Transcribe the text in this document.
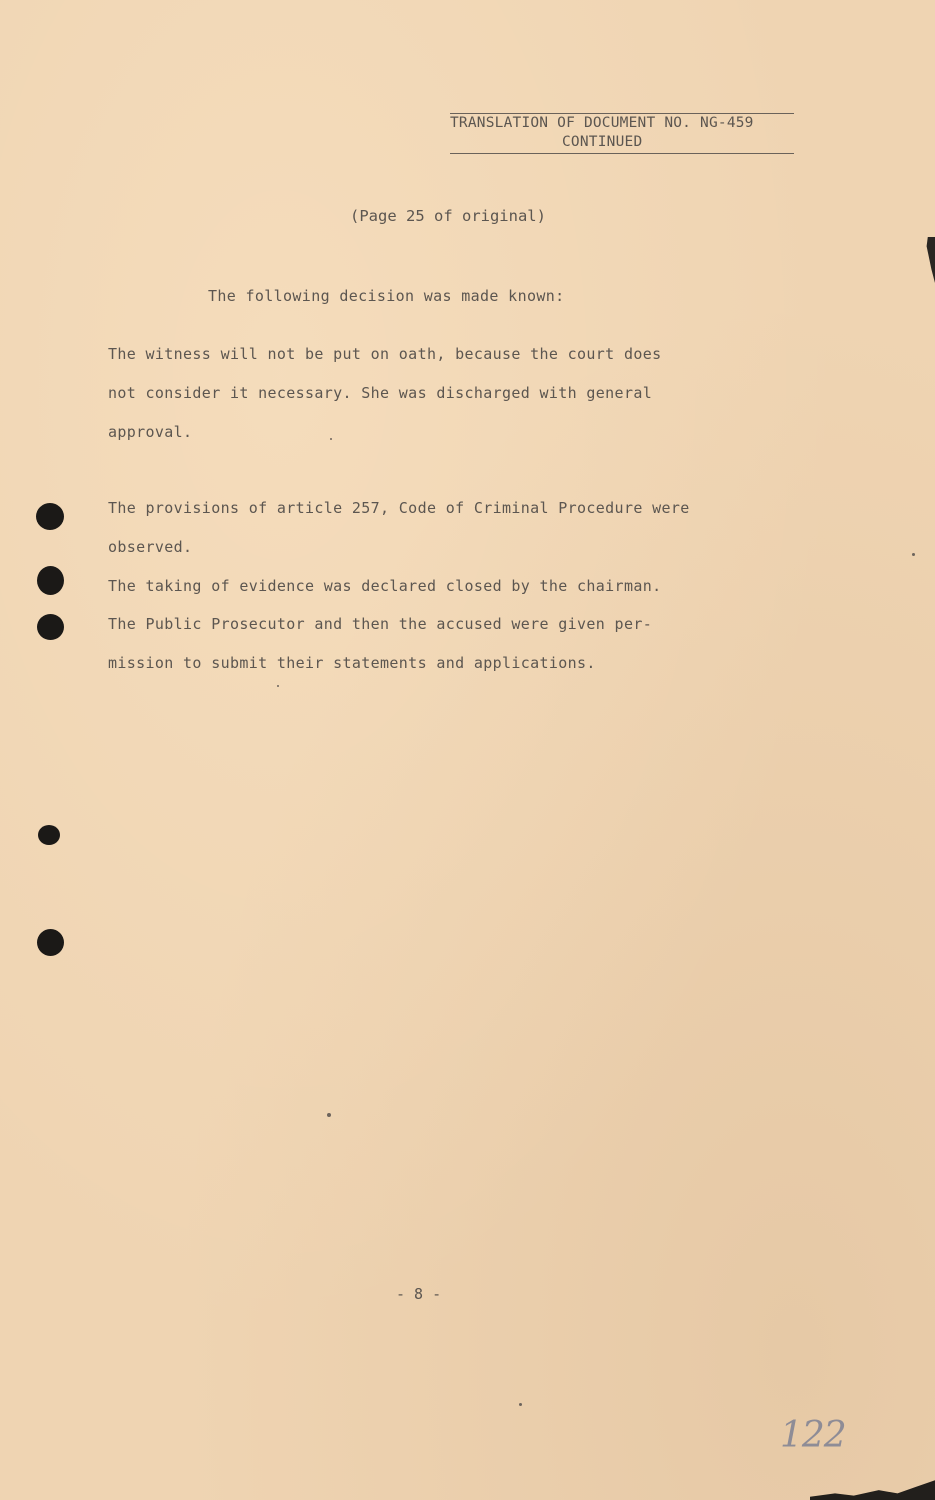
TRANSLATION OF DOCUMENT NO. NG-459
CONTINUED
(Page 25 of original)
The following decision was made known:
The witness will not be put on oath, because the court does
not consider it necessary. She was discharged with general
approval.
The provisions of article 257, Code of Criminal Procedure were
observed.
The taking of evidence was declared closed by the chairman.
The Public Prosecutor and then the accused were given per-
mission to submit their statements and applications.
- 8 -
122
